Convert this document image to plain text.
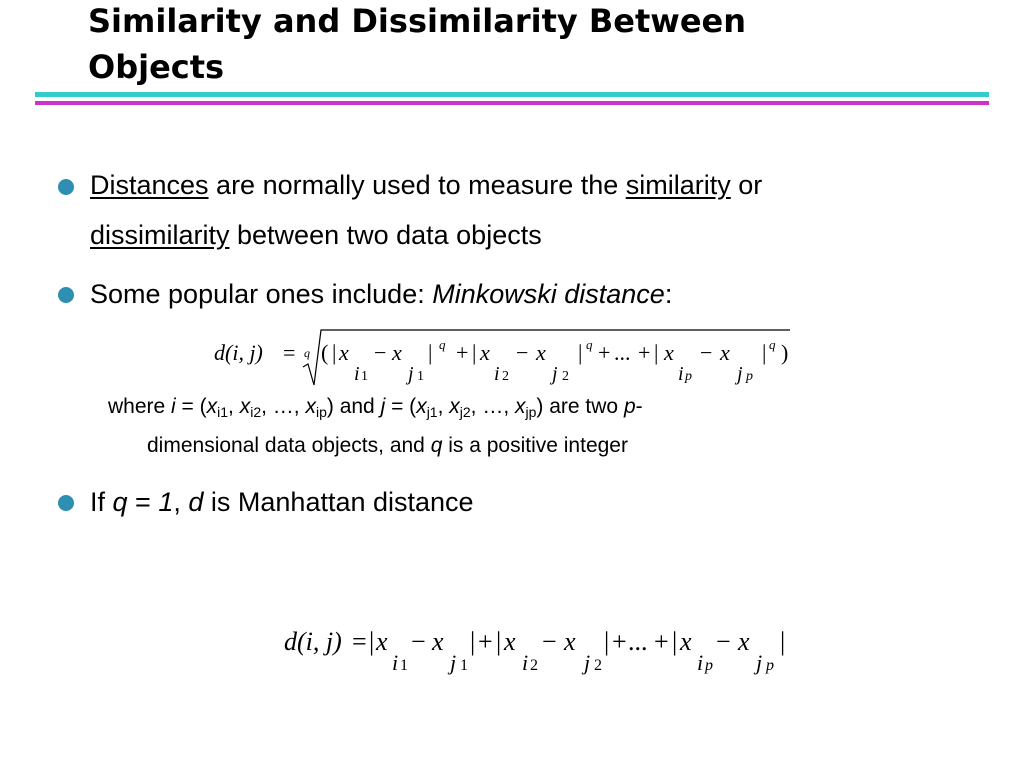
Similarity and Dissimilarity Between
Objects
Distances are normally used to measure the similarity or
dissimilarity between two data objects
Some popular ones include: Minkowski distance:
d(i, j) = q ( | x − x | + | x − x | + ... + | x − x | )
q	q	q
i 1 j 1	i 2 j 2	i p j p
where $i = (x_{i1}$, $x_{i2}$, …, $x_{ip}$) and $j = (x_{j1}$, $x_{j2}$, …, $x_{jp}$) are two p-
dimensional data objects, and q is a positive integer
If q = 1, d is Manhattan distance
d(i, j) = | x − x | + | x − x | + ... + | x − x |
i 1 j 1 i 2 j 2	i p j p
